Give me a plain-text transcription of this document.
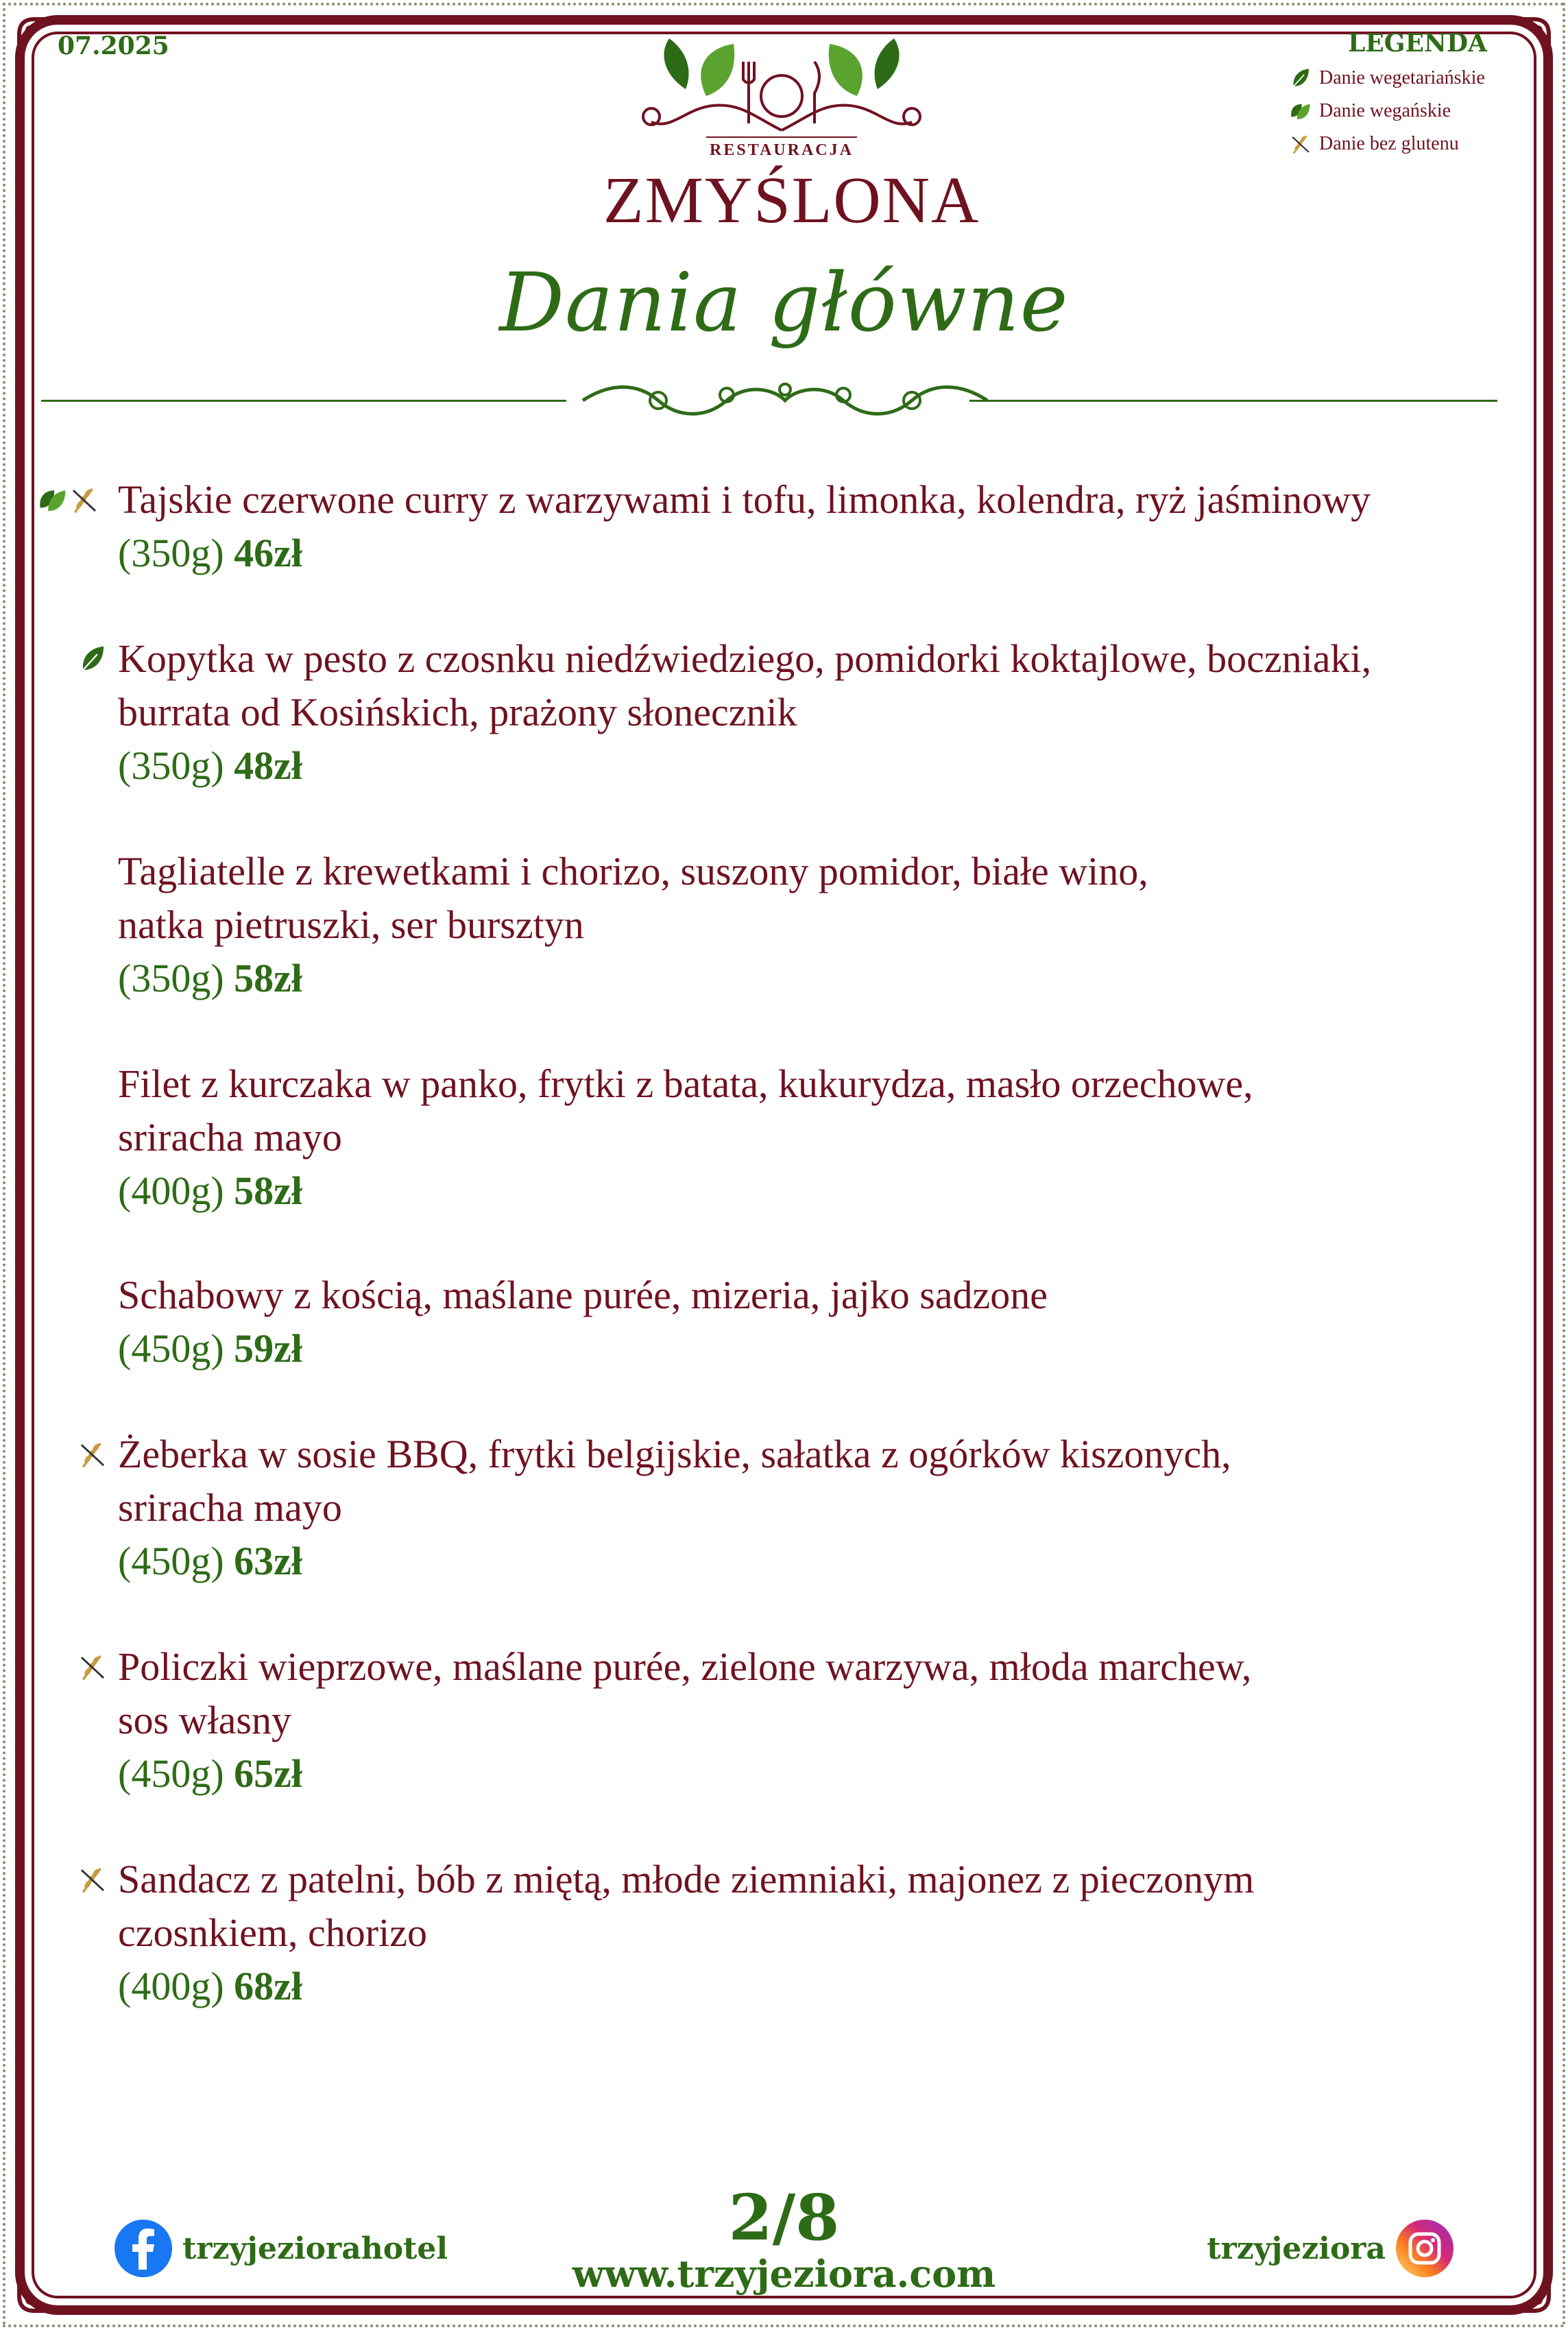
07.2025	LEGENDA
Danie wegetariańskie
Danie wegańskie
Danie bez glutenu
RESTAURACJA
ZMYŚLONA
Dania główne
Tajskie czerwone curry z warzywami i tofu, limonka, kolendra, ryż jaśminowy
(350g) 46zł
Kopytka w pesto z czosnku niedźwiedziego, pomidorki koktajlowe, boczniaki,
burrata od Kosińskich, prażony słonecznik
(350g) 48zł
Tagliatelle z krewetkami i chorizo, suszony pomidor, białe wino,
natka pietruszki, ser bursztyn
(350g) 58zł
Filet z kurczaka w panko, frytki z batata, kukurydza, masło orzechowe,
sriracha mayo
(400g) 58zł
Schabowy z kością, maślane purée, mizeria, jajko sadzone
(450g) 59zł
Żeberka w sosie BBQ, frytki belgijskie, sałatka z ogórków kiszonych,
sriracha mayo
(450g) 63zł
Policzki wieprzowe, maślane purée, zielone warzywa, młoda marchew,
sos własny
(450g) 65zł
Sandacz z patelni, bób z miętą, młode ziemniaki, majonez z pieczonym
czosnkiem, chorizo
(400g) 68zł
2/8
www.trzyjeziora.com
trzyjeziorahotel	trzyjeziora
